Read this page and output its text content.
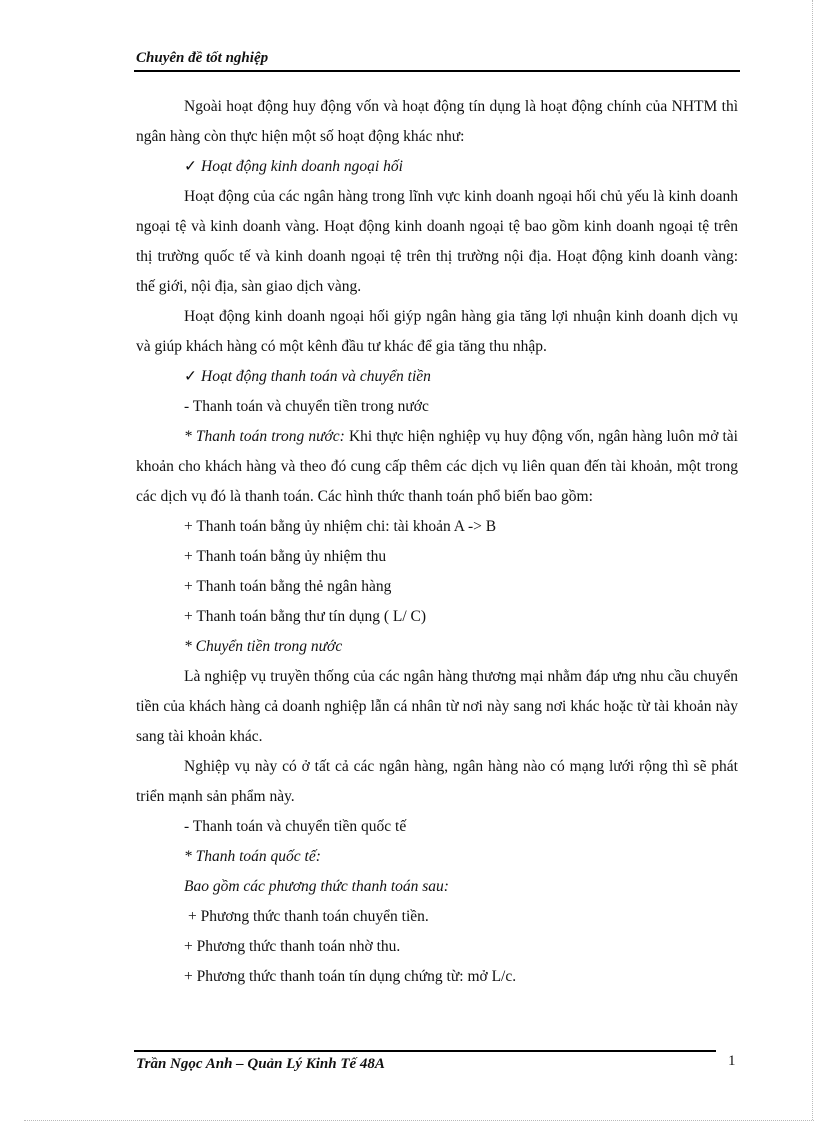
Chuyên đề tốt nghiệp

Ngoài hoạt động huy động vốn và hoạt động tín dụng là hoạt động chính của NHTM thì ngân hàng còn thực hiện một số hoạt động khác như:

✓ Hoạt động kinh doanh ngoại hối

Hoạt động của các ngân hàng trong lĩnh vực kinh doanh ngoại hối chủ yếu là kinh doanh ngoại tệ và kinh doanh vàng. Hoạt động kinh doanh ngoại tệ bao gồm kinh doanh ngoại tệ trên thị trường quốc tế và kinh doanh ngoại tệ trên thị trường nội địa. Hoạt động kinh doanh vàng: thế giới, nội địa, sàn giao dịch vàng.

Hoạt động kinh doanh ngoại hối giýp ngân hàng gia tăng lợi nhuận kinh doanh dịch vụ và giúp khách hàng có một kênh đầu tư khác để gia tăng thu nhập.

✓ Hoạt động thanh toán và chuyển tiền

- Thanh toán và chuyển tiền trong nước

* Thanh toán trong nước: Khi thực hiện nghiệp vụ huy động vốn, ngân hàng luôn mở tài khoản cho khách hàng và theo đó cung cấp thêm các dịch vụ liên quan đến tài khoản, một trong các dịch vụ đó là thanh toán. Các hình thức thanh toán phổ biến bao gồm:

+ Thanh toán bằng ủy nhiệm chi: tài khoản A -> B

+ Thanh toán bằng ủy nhiệm thu

+ Thanh toán bằng thẻ ngân hàng

+ Thanh toán bằng thư tín dụng ( L/ C)

* Chuyển tiền trong nước

Là nghiệp vụ truyền thống của các ngân hàng thương mại nhằm đáp ưng nhu cầu chuyển tiền của khách hàng cả doanh nghiệp lẫn cá nhân từ nơi này sang nơi khác hoặc từ tài khoản này sang tài khoản khác.

Nghiệp vụ này có ở tất cả các ngân hàng, ngân hàng nào có mạng lưới rộng thì sẽ phát triển mạnh sản phẩm này.

- Thanh toán và chuyển tiền quốc tế

* Thanh toán quốc tế:

Bao gồm các phương thức thanh toán sau:

+ Phương thức thanh toán chuyển tiền.

+ Phương thức thanh toán nhờ thu.

+ Phương thức thanh toán tín dụng chứng từ: mở L/c.

Trần Ngọc Anh – Quản Lý Kinh Tế 48A	1
